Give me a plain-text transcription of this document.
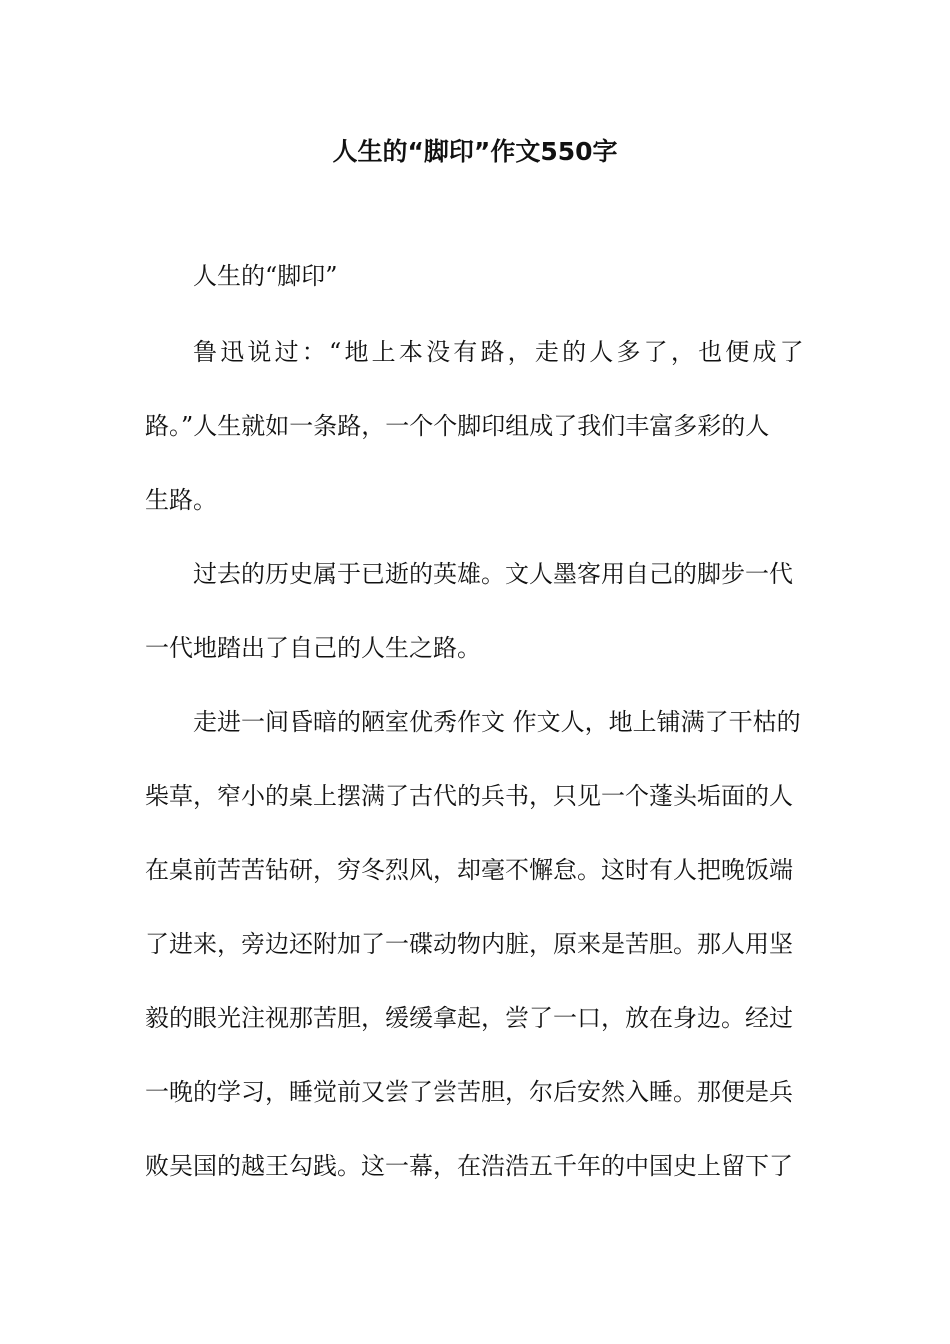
人生的“脚印”作文550字
人生的“脚印”
鲁迅说过：“地上本没有路，走的人多了，也便成了
路。”人生就如一条路，一个个脚印组成了我们丰富多彩的人
生路。
过去的历史属于已逝的英雄。文人墨客用自己的脚步一代
一代地踏出了自己的人生之路。
走进一间昏暗的陋室优秀作文 作文人，地上铺满了干枯的
柴草，窄小的桌上摆满了古代的兵书，只见一个蓬头垢面的人
在桌前苦苦钻研，穷冬烈风，却毫不懈怠。这时有人把晚饭端
了进来，旁边还附加了一碟动物内脏，原来是苦胆。那人用坚
毅的眼光注视那苦胆，缓缓拿起，尝了一口，放在身边。经过
一晚的学习，睡觉前又尝了尝苦胆，尔后安然入睡。那便是兵
败吴国的越王勾践。这一幕，在浩浩五千年的中国史上留下了
